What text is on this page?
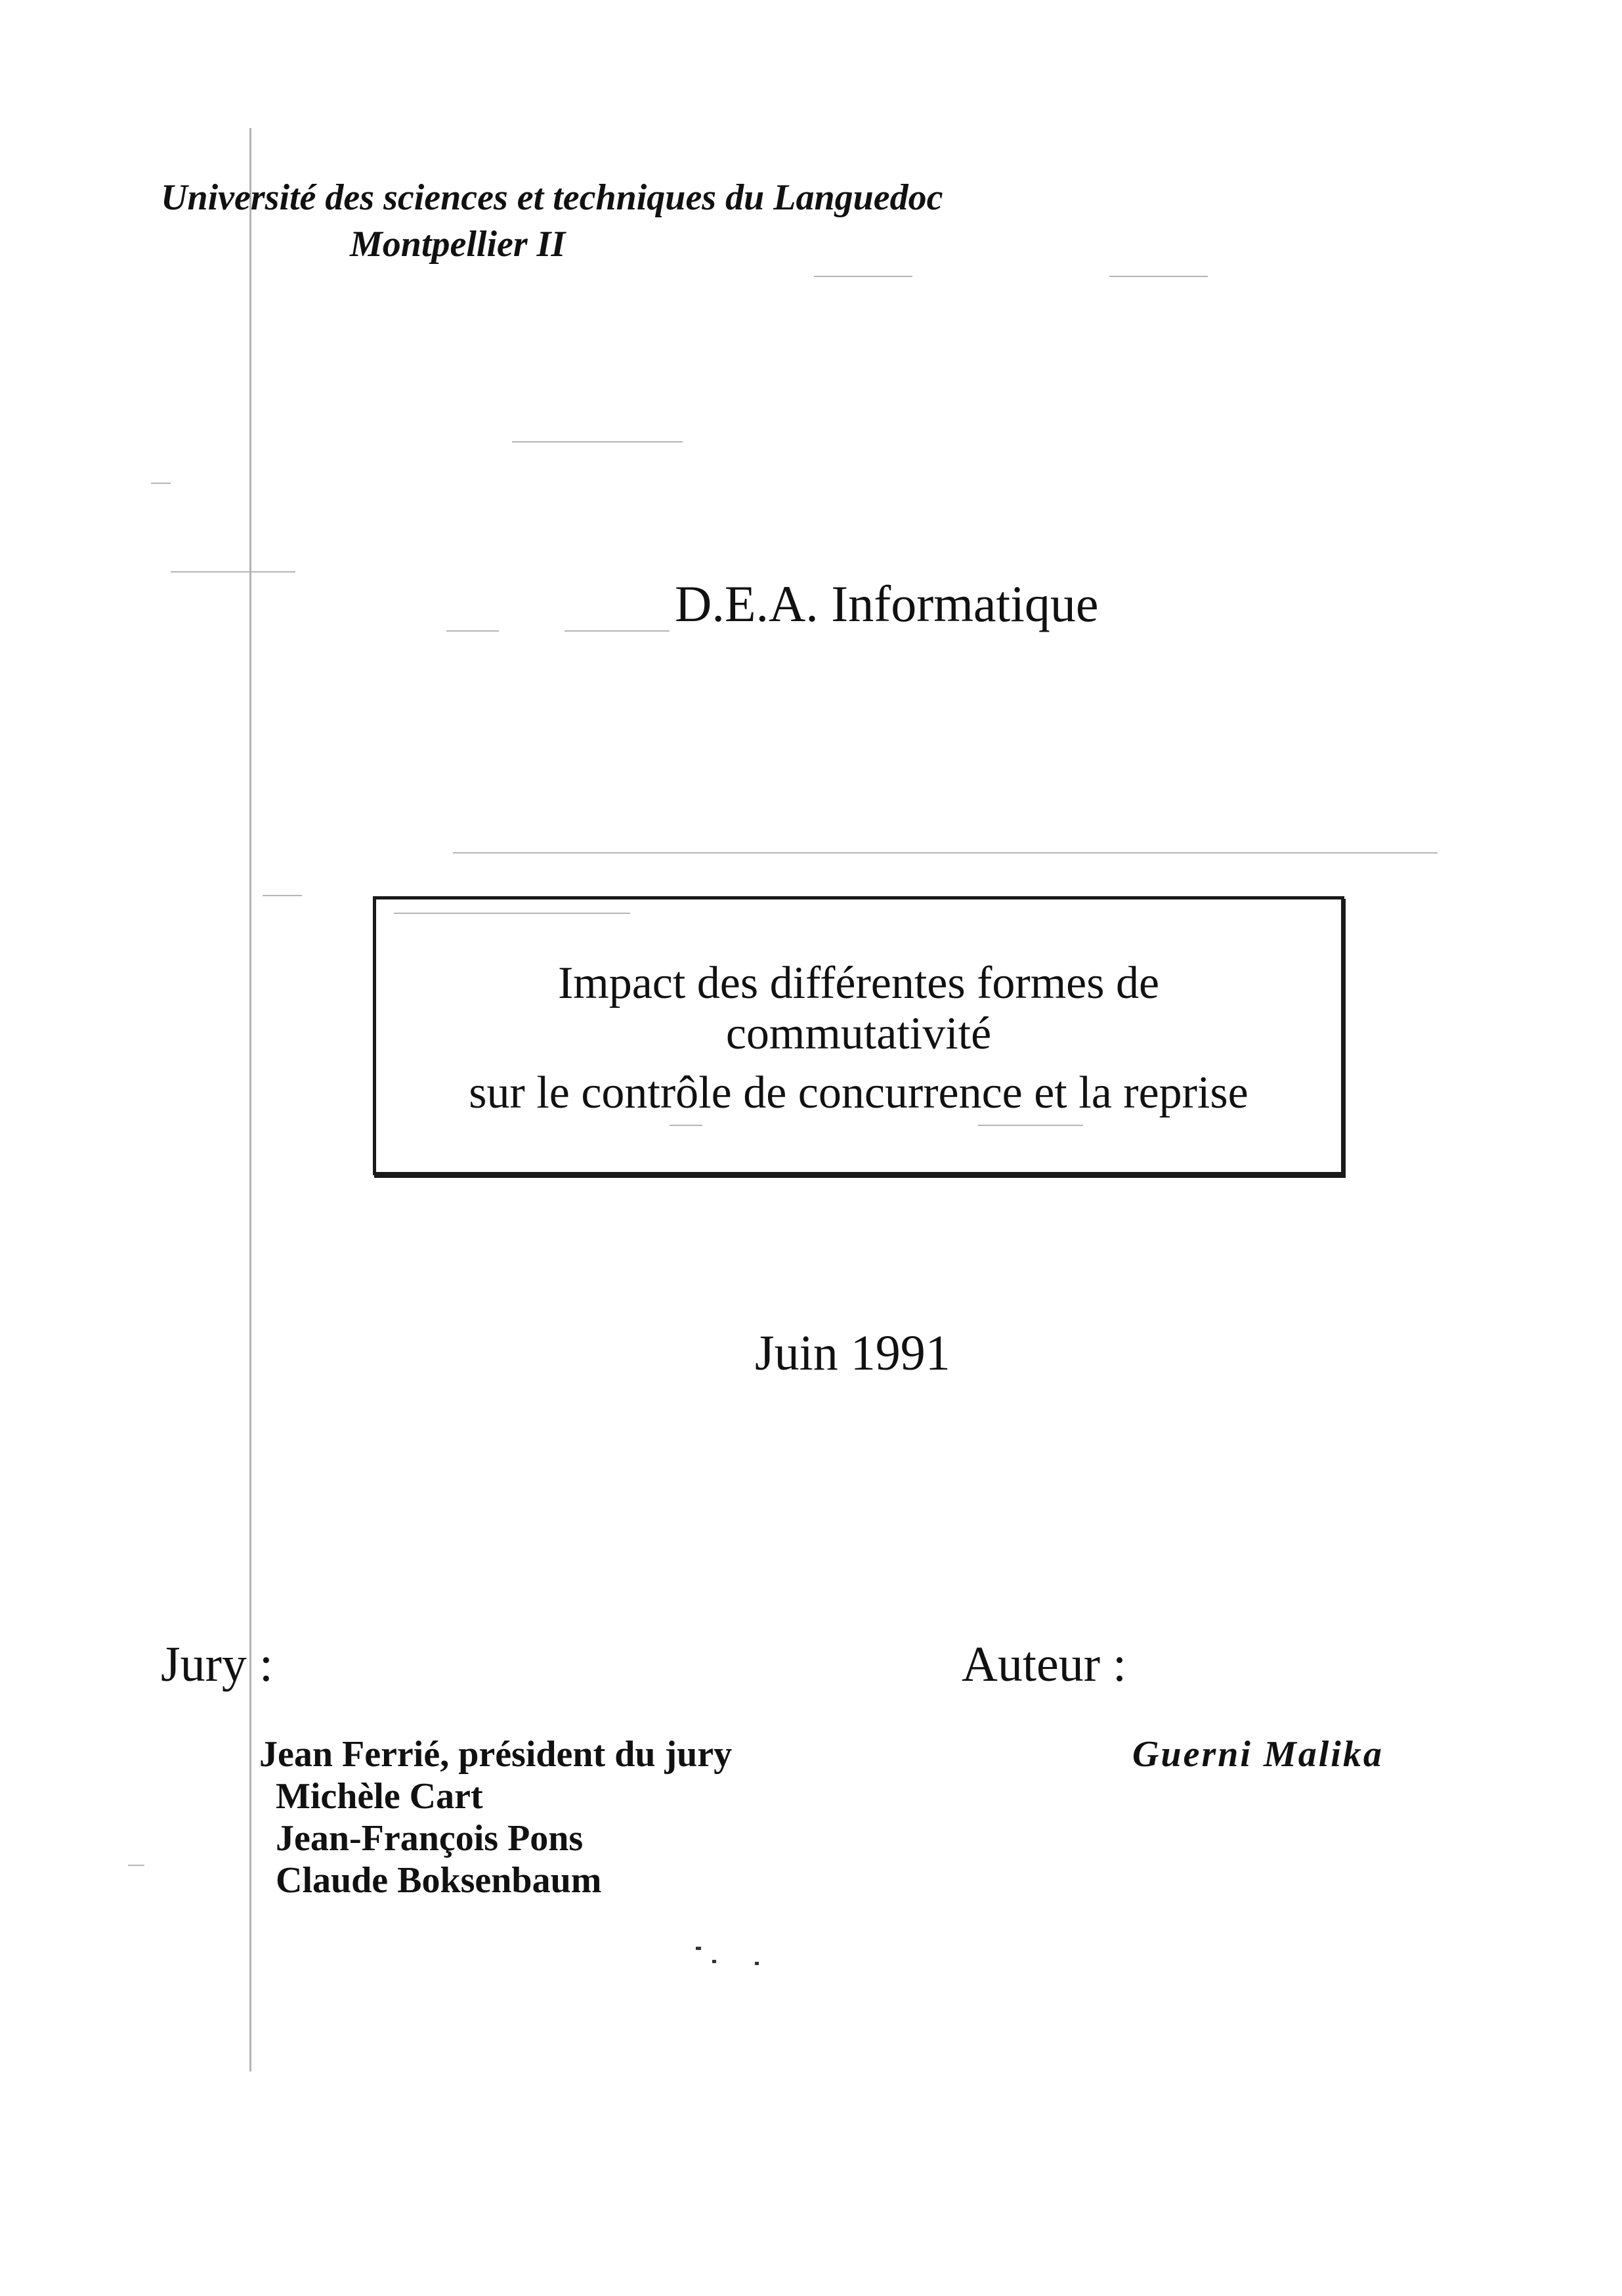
Université des sciences et techniques du Languedoc
Montpellier II
D.E.A. Informatique
Impact des différentes formes de
commutativité
sur le contrôle de concurrence et la reprise
Juin 1991
Jury :	Auteur :
Jean Ferrié, président du jury
Michèle Cart
Jean-François Pons
Claude Boksenbaum
Guerni Malika
